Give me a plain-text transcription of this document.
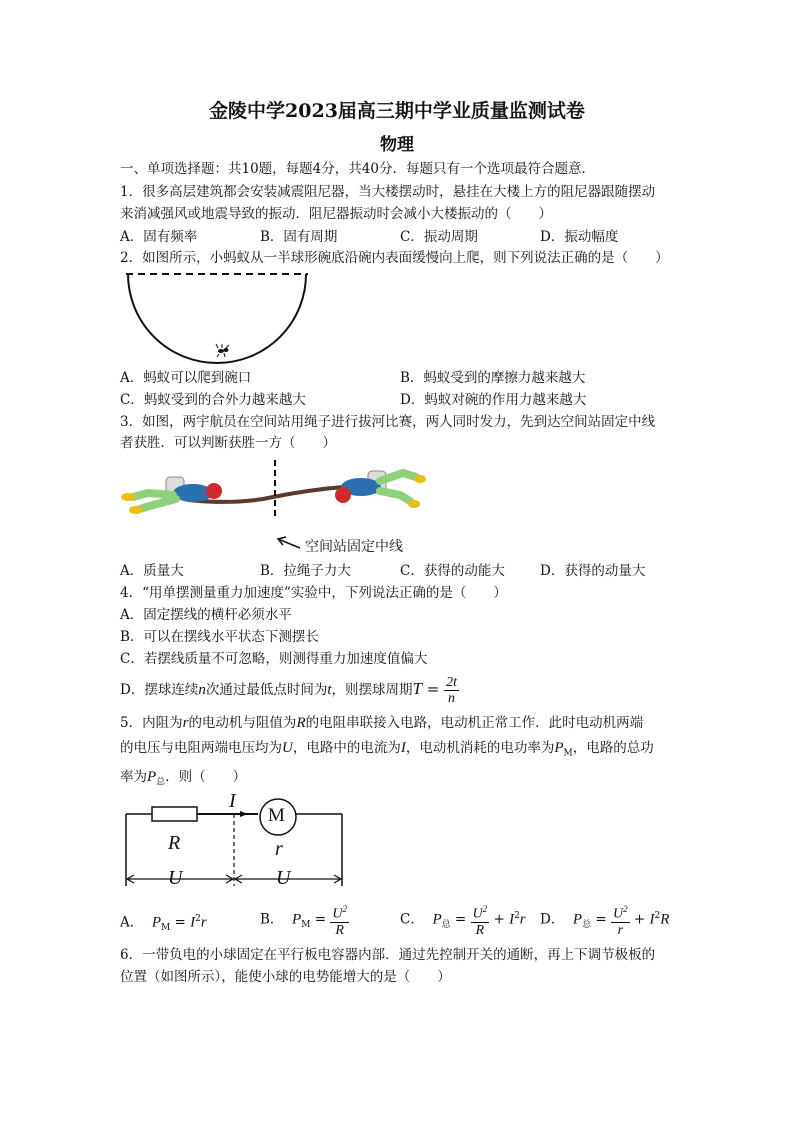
金陵中学2023届高三期中学业质量监测试卷
物理
一、单项选择题：共10题，每题4分，共40分．每题只有一个选项最符合题意．
1．很多高层建筑都会安装减震阻尼器，当大楼摆动时，悬挂在大楼上方的阻尼器跟随摆动
来消减强风或地震导致的振动．阻尼器振动时会减小大楼振动的（　　）
A．固有频率	B．固有周期	C．振动周期	D．振动幅度
2．如图所示，小蚂蚁从一半球形碗底沿碗内表面缓慢向上爬，则下列说法正确的是（　　）
A．蚂蚁可以爬到碗口	B．蚂蚁受到的摩擦力越来越大
C．蚂蚁受到的合外力越来越大	D．蚂蚁对碗的作用力越来越大
3．如图，两宇航员在空间站用绳子进行拔河比赛，两人同时发力，先到达空间站固定中线
者获胜．可以判断获胜一方（　　）
空间站固定中线
A．质量大	B．拉绳子力大	C．获得的动能大	D．获得的动量大
4．“用单摆测量重力加速度”实验中，下列说法正确的是（　　）
A．固定摆线的横杆必须水平
B．可以在摆线水平状态下测摆长
C．若摆线质量不可忽略，则测得重力加速度值偏大
D．摆球连续n次通过最低点时间为t，则摆球周期$T = \frac{2t}{n}$
5．内阻为r的电动机与阻值为R的电阻串联接入电路，电动机正常工作．此时电动机两端
的电压与电阻两端电压均为U，电路中的电流为I，电动机消耗的电功率为$P_M$，电路的总功
率为$P_总$．则（　　）
I
M
R	r
U	U
A． $P_M = I^2r$	B． $P_M = \frac{U^2}{R}$	C． $P_总 = \frac{U^2}{R} + I^2r$ D． $P_总 = \frac{U^2}{r} + I^2R$
6．一带负电的小球固定在平行板电容器内部．通过先控制开关的通断，再上下调节极板的
位置（如图所示），能使小球的电势能增大的是（　　）
